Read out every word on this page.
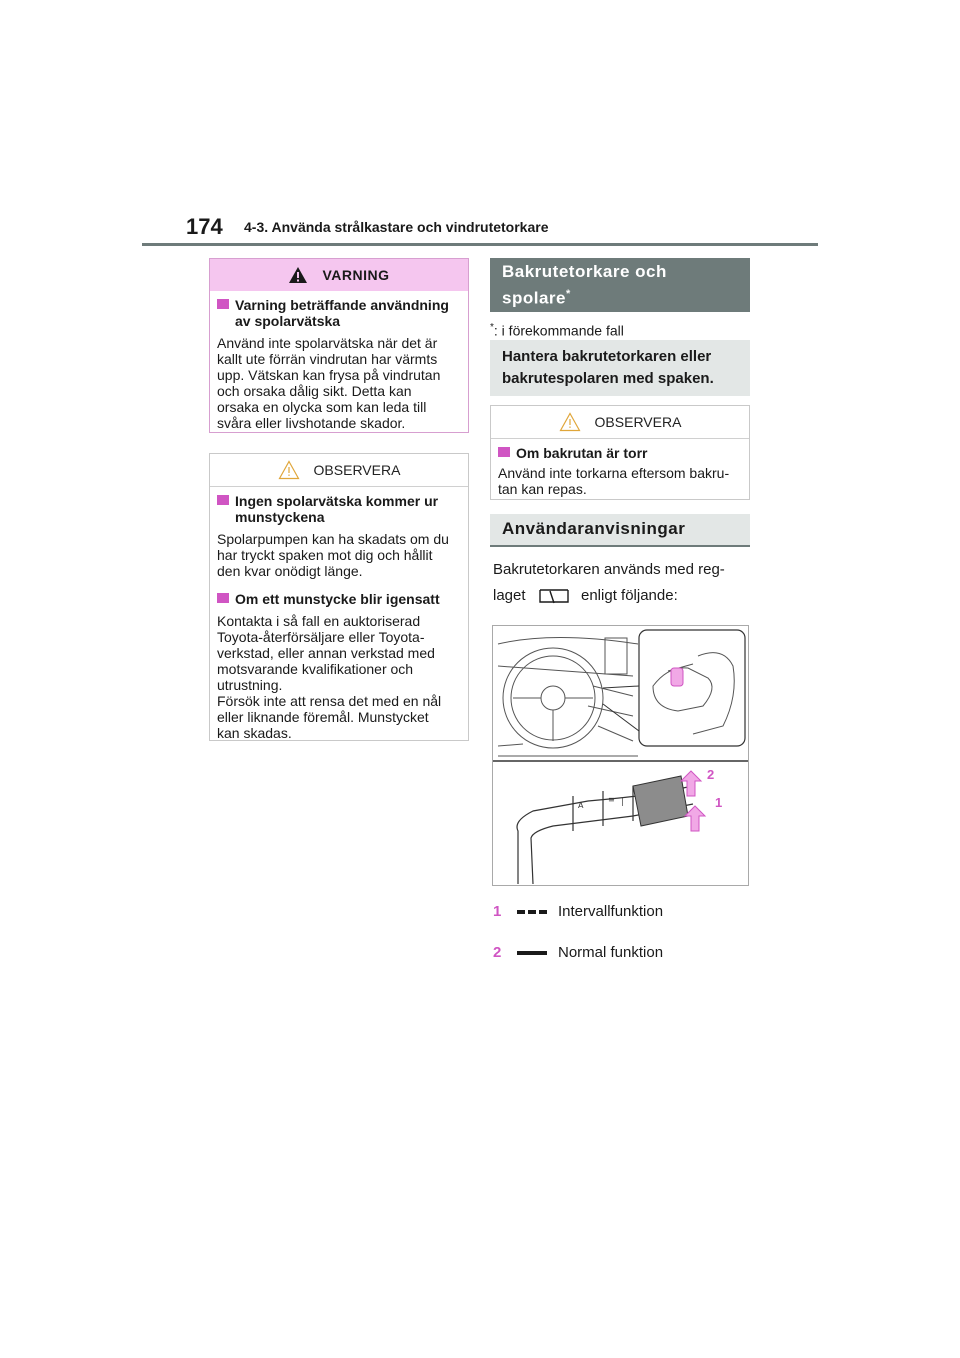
174 4-3. Använda strålkastare och vindrutetorkare
VARNING
Varning beträffande användning av spolarvätska
Använd inte spolarvätska när det är
kallt ute förrän vindrutan har värmts
upp. Vätskan kan frysa på vindrutan
och orsaka dålig sikt. Detta kan
orsaka en olycka som kan leda till
svåra eller livshotande skador.
OBSERVERA
Ingen spolarvätska kommer ur munstyckena
Spolarpumpen kan ha skadats om du
har tryckt spaken mot dig och hållit
den kvar onödigt länge.
Om ett munstycke blir igensatt
Kontakta i så fall en auktoriserad
Toyota-återförsäljare eller Toyota-
verkstad, eller annan verkstad med
motsvarande kvalifikationer och
utrustning.
Försök inte att rensa det med en nål
eller liknande föremål. Munstycket
kan skadas.
Bakrutetorkare och spolare*
*: i förekommande fall
Hantera bakrutetorkaren eller bakrutespolaren med spaken.
OBSERVERA
Om bakrutan är torr
Använd inte torkarna eftersom bakru-
tan kan repas.
Användaranvisningar
Bakrutetorkaren används med reg-
laget	enligt följande:
A
≡ |
2
1
1	Intervallfunktion
2	Normal funktion
